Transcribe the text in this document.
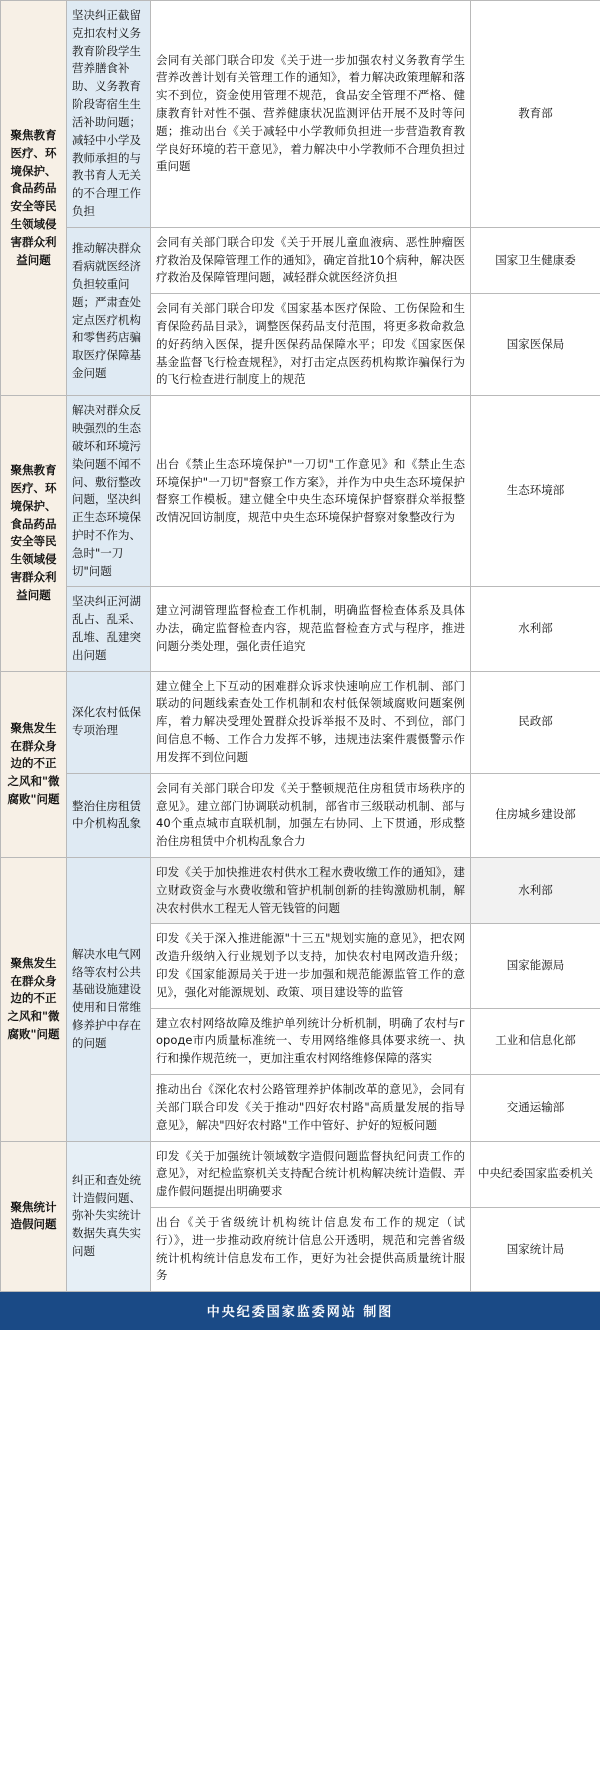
聚焦教育医疗、环境保护、食品药品安全等民生领域侵害群众利益问题	坚决纠正截留克扣农村义务教育阶段学生营养膳食补助、义务教育阶段寄宿生生活补助问题；减轻中小学及教师承担的与教书育人无关的不合理工作负担	会同有关部门联合印发《关于进一步加强农村义务教育学生营养改善计划有关管理工作的通知》，着力解决政策理解和落实不到位，资金使用管理不规范，食品安全管理不严格、健康教育针对性不强、营养健康状况监测评估开展不及时等问题；推动出台《关于减轻中小学教师负担进一步营造教育教学良好环境的若干意见》，着力解决中小学教师不合理负担过重问题	教育部
	推动解决群众看病就医经济负担较重问题；严肃查处定点医疗机构和零售药店骗取医疗保障基金问题	会同有关部门联合印发《关于开展儿童血液病、恶性肿瘤医疗救治及保障管理工作的通知》，确定首批10个病种，解决医疗救治及保障管理问题，减轻群众就医经济负担	国家卫生健康委
		会同有关部门联合印发《国家基本医疗保险、工伤保险和生育保险药品目录》，调整医保药品支付范围，将更多救命救急的好药纳入医保，提升医保药品保障水平；印发《国家医保基金监督飞行检查规程》，对打击定点医药机构欺诈骗保行为的飞行检查进行制度上的规范	国家医保局
聚焦教育医疗、环境保护、食品药品安全等民生领域侵害群众利益问题	解决对群众反映强烈的生态破坏和环境污染问题不闻不问、敷衍整改问题，坚决纠正生态环境保护时不作为、急时"一刀切"问题	出台《禁止生态环境保护"一刀切"工作意见》和《禁止生态环境保护"一刀切"督察工作方案》，并作为中央生态环境保护督察工作模板。建立健全中央生态环境保护督察群众举报整改情况回访制度，规范中央生态环境保护督察对象整改行为	生态环境部
	坚决纠正河湖乱占、乱采、乱堆、乱建突出问题	建立河湖管理监督检查工作机制，明确监督检查体系及具体办法，确定监督检查内容，规范监督检查方式与程序，推进问题分类处理，强化责任追究	水利部
聚焦发生在群众身边的不正之风和"微腐败"问题	深化农村低保专项治理	建立健全上下互动的困难群众诉求快速响应工作机制、部门联动的问题线索查处工作机制和农村低保领域腐败问题案例库，着力解决受理处置群众投诉举报不及时、不到位，部门间信息不畅、工作合力发挥不够，违规违法案件震慑警示作用发挥不到位问题	民政部
	整治住房租赁中介机构乱象	会同有关部门联合印发《关于整顿规范住房租赁市场秩序的意见》。建立部门协调联动机制，部省市三级联动机制、部与40个重点城市直联机制，加强左右协同、上下贯通，形成整治住房租赁中介机构乱象合力	住房城乡建设部
聚焦发生在群众身边的不正之风和"微腐败"问题	解决水电气网络等农村公共基础设施建设使用和日常维修养护中存在的问题	印发《关于加快推进农村供水工程水费收缴工作的通知》，建立财政资金与水费收缴和管护机制创新的挂钩激励机制，解决农村供水工程无人管无钱管的问题	水利部
		印发《关于深入推进能源"十三五"规划实施的意见》，把农网改造升级纳入行业规划予以支持，加快农村电网改造升级；印发《国家能源局关于进一步加强和规范能源监管工作的意见》，强化对能源规划、政策、项目建设等的监管	国家能源局
		建立农村网络故障及维护单列统计分析机制，明确了农村与городе市内质量标准统一、专用网络维修具体要求统一、执行和操作规范统一，更加注重农村网络维修保障的落实	工业和信息化部
		推动出台《深化农村公路管理养护体制改革的意见》，会同有关部门联合印发《关于推动"四好农村路"高质量发展的指导意见》，解决"四好农村路"工作中管好、护好的短板问题	交通运输部
聚焦统计造假问题	纠正和查处统计造假问题、弥补失实统计数据失真失实问题	印发《关于加强统计领域数字造假问题监督执纪问责工作的意见》，对纪检监察机关支持配合统计机构解决统计造假、弄虚作假问题提出明确要求	中央纪委国家监委机关
		出台《关于省级统计机构统计信息发布工作的规定（试行）》，进一步推动政府统计信息公开透明，规范和完善省级统计机构统计信息发布工作，更好为社会提供高质量统计服务	国家统计局
中央纪委国家监委网站 制图
